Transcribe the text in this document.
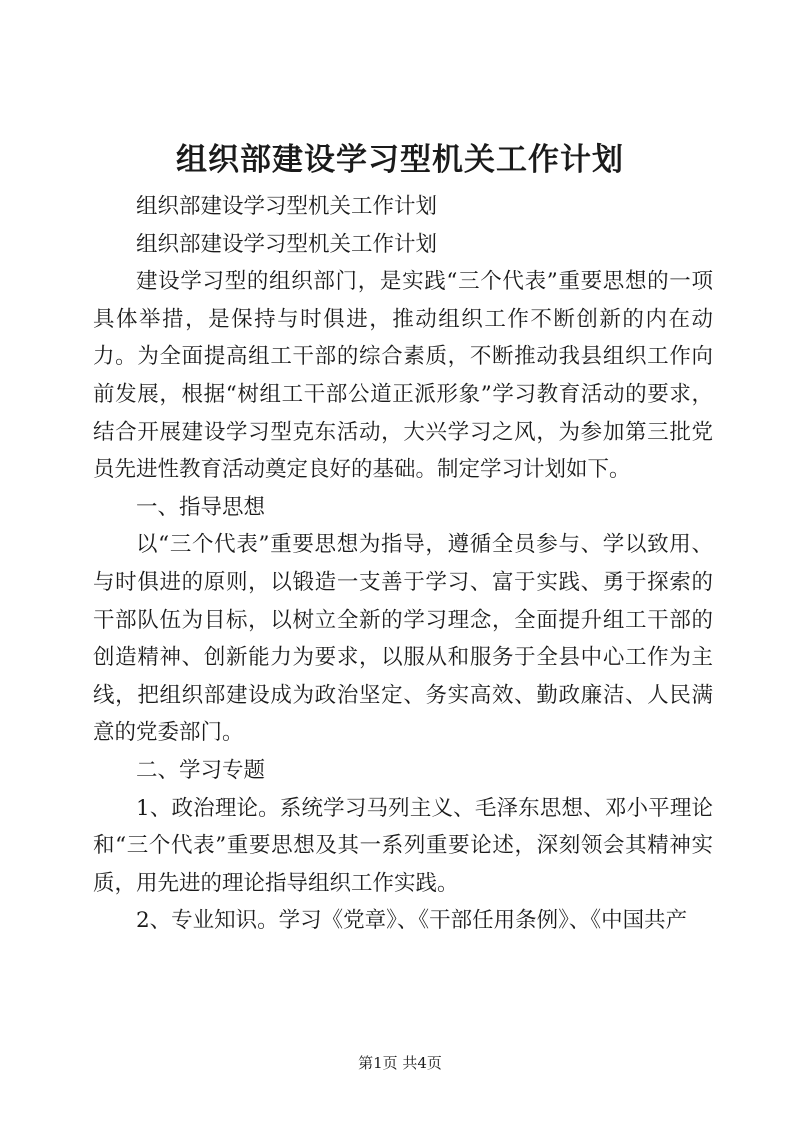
组织部建设学习型机关工作计划

组织部建设学习型机关工作计划

组织部建设学习型机关工作计划

建设学习型的组织部门，是实践“三个代表”重要思想的一项具体举措，是保持与时俱进，推动组织工作不断创新的内在动力。为全面提高组工干部的综合素质，不断推动我县组织工作向前发展，根据“树组工干部公道正派形象”学习教育活动的要求，结合开展建设学习型克东活动，大兴学习之风，为参加第三批党员先进性教育活动奠定良好的基础。制定学习计划如下。

一、指导思想

以“三个代表”重要思想为指导，遵循全员参与、学以致用、与时俱进的原则，以锻造一支善于学习、富于实践、勇于探索的干部队伍为目标，以树立全新的学习理念，全面提升组工干部的创造精神、创新能力为要求，以服从和服务于全县中心工作为主线，把组织部建设成为政治坚定、务实高效、勤政廉洁、人民满意的党委部门。

二、学习专题

1、政治理论。系统学习马列主义、毛泽东思想、邓小平理论和“三个代表”重要思想及其一系列重要论述，深刻领会其精神实质，用先进的理论指导组织工作实践。

2、专业知识。学习《党章》、《干部任用条例》、《中国共产

第1页 共4页
